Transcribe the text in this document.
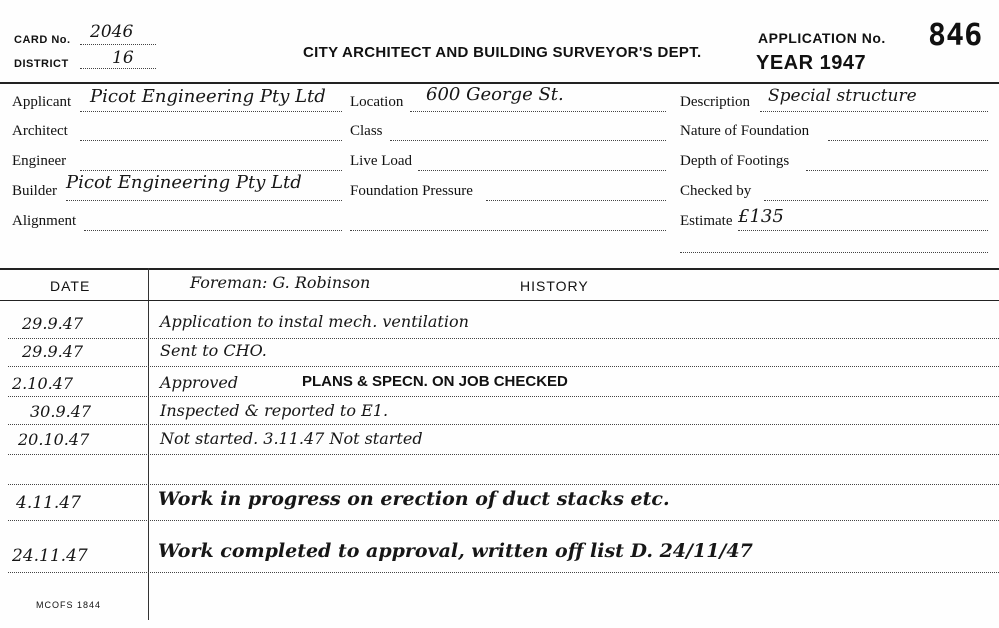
CARD No. 2046
DISTRICT	16	CITY ARCHITECT AND BUILDING SURVEYOR'S DEPT.
APPLICATION No. 846
YEAR 1947
Applicant Picot Engineering Pty Ltd
Architect
Engineer
Builder Picot Engineering Pty Ltd
Alignment
Location 600 George St.
Class
Live Load
Foundation Pressure
Description Special structure
Nature of Foundation
Depth of Footings
Checked by
Estimate £135
DATE	Foreman: G. Robinson	HISTORY
29.9.47	Application to instal mech. ventilation
29.9.47	Sent to CHO.
2.10.47	Approved	PLANS & SPECN. ON JOB CHECKED
30.9.47	Inspected & reported to E1.
20.10.47	Not started. 3.11.47 Not started
4.11.47	Work in progress on erection of duct stacks etc.
24.11.47	Work completed to approval, written off list D. 24/11/47
MCOFS 1844
